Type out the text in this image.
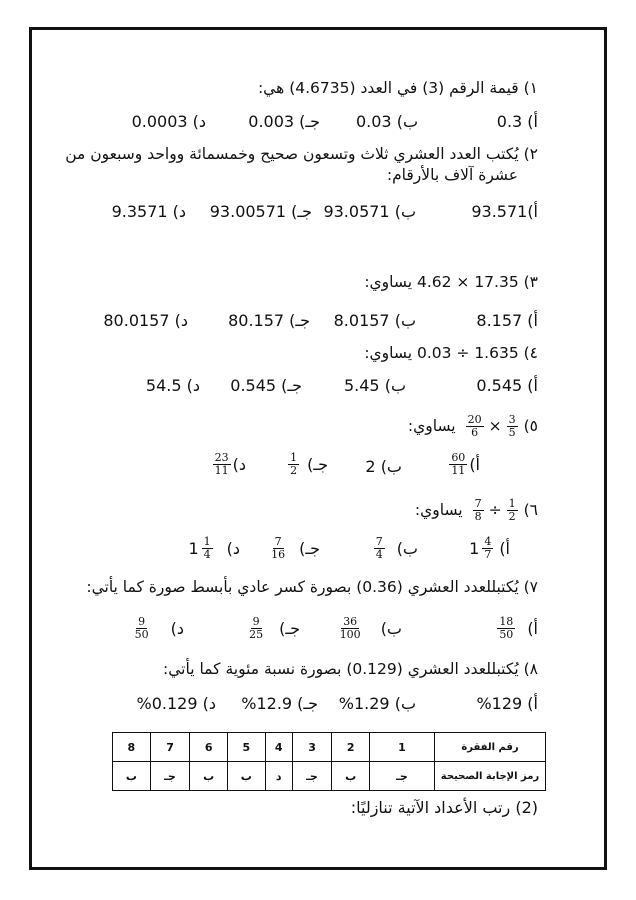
١) قيمة الرقم (3) في العدد (4.6735) هي:
أ) 0.3
ب) 0.03
جـ) 0.003
د) 0.0003
٢) يُكتب العدد العشري ثلاث وتسعون صحيح وخمسمائة وواحد وسبعون من
عشرة آلاف بالأرقام:
أ)93.571
ب) 93.0571
جـ) 93.00571
د) 9.3571
٣) 17.35 × 4.62 يساوي:
أ) 8.157
ب) 8.0157
جـ) 80.157
د) 80.0157
٤) 1.635 ÷ 0.03 يساوي:
أ) 0.545
ب) 5.45
جـ) 0.545
د) 54.5
٥)
$\frac{20}{6} \times \frac{3}{5}$
يساوي:
أ)
$\frac{60}{11}$
ب) 2
جـ)
$\frac{1}{2}$
د)
$\frac{23}{11}$
٦)
$\frac{7}{8} \div \frac{1}{2}$
يساوي:
أ)
$1 \frac{4}{7}$
ب)
$\frac{7}{4}$
جـ)
$\frac{7}{16}$
د)
$1 \frac{1}{4}$
٧) يُكتبللعدد العشري (0.36) بصورة كسر عادي بأبسط صورة كما يأتي:
أ)
$\frac{18}{50}$
ب)
$\frac{36}{100}$
جـ)
$\frac{9}{25}$
د)
$\frac{9}{50}$
٨) يُكتبللعدد العشري (0.129) بصورة نسبة مئوية كما يأتي:
أ) 129%
ب) 1.29%
جـ) 12.9%
د) 0.129%
رقم الفقرة	1	2	3	4	5	6	7	8
رمز الإجابة الصحيحة	جـ	ب	جـ	د	ب	ب	جـ	ب
(2) رتب الأعداد الآتية تنازليًا:
